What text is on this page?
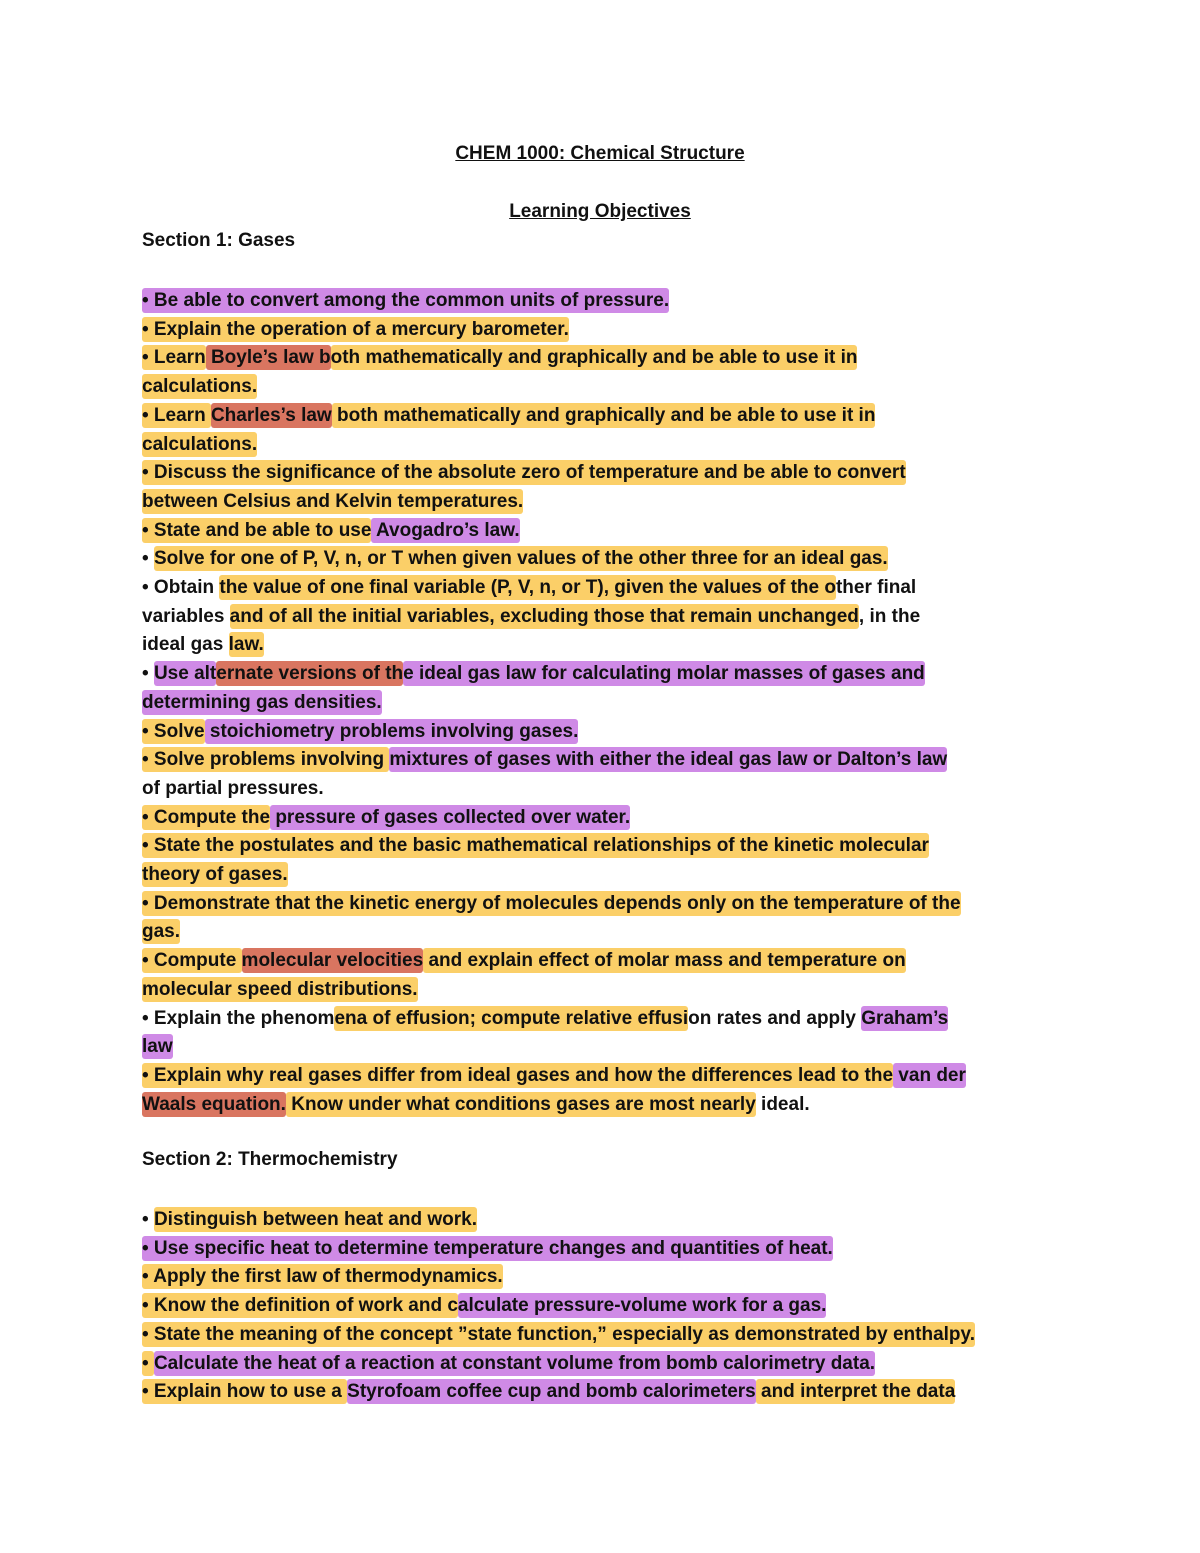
CHEM 1000: Chemical Structure
Learning Objectives
Section 1: Gases
• Be able to convert among the common units of pressure.
• Explain the operation of a mercury barometer.
• Learn Boyle’s law both mathematically and graphically and be able to use it in
calculations.
• Learn Charles’s law both mathematically and graphically and be able to use it in
calculations.
• Discuss the significance of the absolute zero of temperature and be able to convert
between Celsius and Kelvin temperatures.
• State and be able to use Avogadro’s law.
• Solve for one of P, V, n, or T when given values of the other three for an ideal gas.
• Obtain the value of one final variable (P, V, n, or T), given the values of the other final
variables and of all the initial variables, excluding those that remain unchanged, in the
ideal gas law.
• Use alternate versions of the ideal gas law for calculating molar masses of gases and
determining gas densities.
• Solve stoichiometry problems involving gases.
• Solve problems involving mixtures of gases with either the ideal gas law or Dalton’s law
of partial pressures.
• Compute the pressure of gases collected over water.
• State the postulates and the basic mathematical relationships of the kinetic molecular
theory of gases.
• Demonstrate that the kinetic energy of molecules depends only on the temperature of the
gas.
• Compute molecular velocities and explain effect of molar mass and temperature on
molecular speed distributions.
• Explain the phenomena of effusion; compute relative effusion rates and apply Graham’s
law
• Explain why real gases differ from ideal gases and how the differences lead to the van der
Waals equation. Know under what conditions gases are most nearly ideal.
Section 2: Thermochemistry
• Distinguish between heat and work.
• Use specific heat to determine temperature changes and quantities of heat.
• Apply the first law of thermodynamics.
• Know the definition of work and calculate pressure-volume work for a gas.
• State the meaning of the concept ”state function,” especially as demonstrated by enthalpy.
• Calculate the heat of a reaction at constant volume from bomb calorimetry data.
• Explain how to use a Styrofoam coffee cup and bomb calorimeters and interpret the data
